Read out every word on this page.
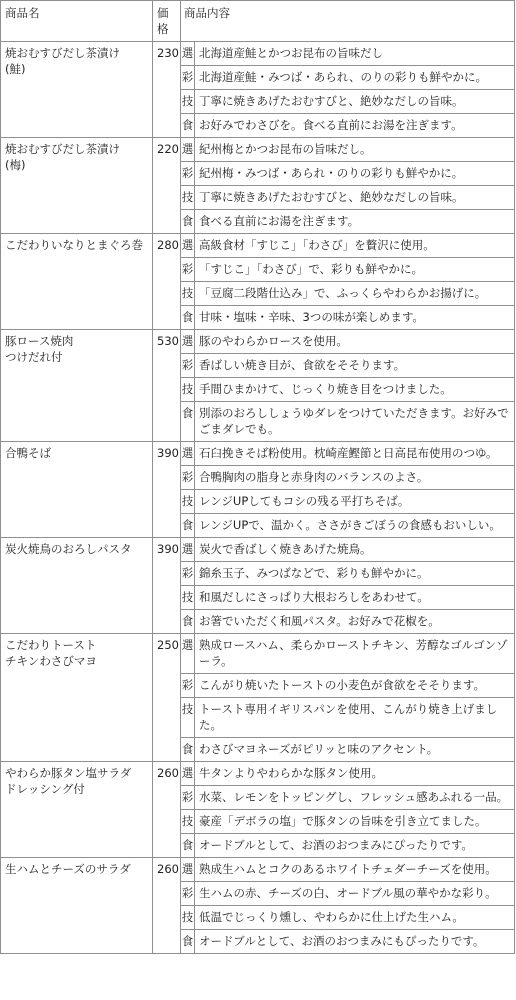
商品名	価格	商品内容	
焼おむすびだし茶漬け
(鮭)	230	選	北海道産鮭とかつお昆布の旨味だし
		彩	北海道産鮭・みつば・あられ、のりの彩りも鮮やかに。
		技	丁寧に焼きあげたおむすびと、絶妙なだしの旨味。
		食	お好みでわさびを。食べる直前にお湯を注ぎます。
焼おむすびだし茶漬け
(梅)	220	選	紀州梅とかつお昆布の旨味だし。
		彩	紀州梅・みつば・あられ・のりの彩りも鮮やかに。
		技	丁寧に焼きあげたおむすびと、絶妙なだしの旨味。
		食	食べる直前にお湯を注ぎます。
こだわりいなりとまぐろ巻	280	選	高級食材「すじこ」「わさび」を贅沢に使用。
		彩	「すじこ」「わさび」で、彩りも鮮やかに。
		技	「豆腐二段階仕込み」で、ふっくらやわらかお揚げに。
		食	甘味・塩味・辛味、3つの味が楽しめます。
豚ロース焼肉
つけだれ付	530	選	豚のやわらかロースを使用。
		彩	香ばしい焼き目が、食欲をそそります。
		技	手間ひまかけて、じっくり焼き目をつけました。
		食	別添のおろししょうゆダレをつけていただきます。お好みでごまダレでも。
合鴨そば	390	選	石臼挽きそば粉使用。枕崎産鰹節と日高昆布使用のつゆ。
		彩	合鴨胸肉の脂身と赤身肉のバランスのよさ。
		技	レンジUPしてもコシの残る平打ちそば。
		食	レンジUPで、温かく。ささがきごぼうの食感もおいしい。
炭火焼鳥のおろしパスタ	390	選	炭火で香ばしく焼きあげた焼鳥。
		彩	錦糸玉子、みつばなどで、彩りも鮮やかに。
		技	和風だしにさっぱり大根おろしをあわせて。
		食	お箸でいただく和風パスタ。お好みで花椒を。
こだわりトースト
チキンわさびマヨ	250	選	熟成ロースハム、柔らかローストチキン、芳醇なゴルゴンゾーラ。
		彩	こんがり焼いたトーストの小麦色が食欲をそそります。
		技	トースト専用イギリスパンを使用、こんがり焼き上げました。
		食	わさびマヨネーズがピリッと味のアクセント。
やわらか豚タン塩サラダ
ドレッシング付	260	選	牛タンよりやわらかな豚タン使用。
		彩	水菜、レモンをトッピングし、フレッシュ感あふれる一品。
		技	豪産「デボラの塩」で豚タンの旨味を引き立てました。
		食	オードブルとして、お酒のおつまみにぴったりです。
生ハムとチーズのサラダ	260	選	熟成生ハムとコクのあるホワイトチェダーチーズを使用。
		彩	生ハムの赤、チーズの白、オードブル風の華やかな彩り。
		技	低温でじっくり燻し、やわらかに仕上げた生ハム。
		食	オードブルとして、お酒のおつまみにもぴったりです。
